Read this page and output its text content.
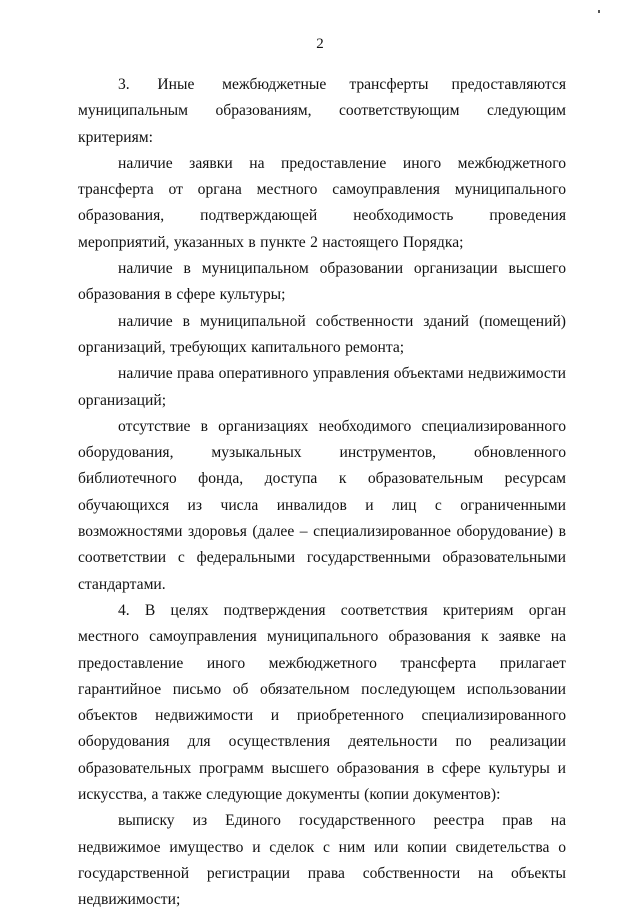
2

3.      Иные      межбюджетные     трансферты     предоставляются муниципальным образованиям, соответствующим следующим критериям:

наличие заявки на предоставление иного межбюджетного трансферта от органа местного самоуправления муниципального образования, подтверждающей необходимость проведения мероприятий, указанных в пункте 2 настоящего Порядка;

наличие в муниципальном образовании организации высшего образования в сфере культуры;

наличие в муниципальной собственности зданий (помещений) организаций, требующих капитального ремонта;

наличие права оперативного управления объектами недвижимости организаций;

отсутствие в организациях необходимого специализированного оборудования, музыкальных инструментов, обновленного библиотечного фонда, доступа к образовательным ресурсам обучающихся из числа инвалидов и лиц с ограниченными возможностями здоровья (далее – специализированное оборудование) в соответствии с федеральными государственными образовательными стандартами.

4. В целях подтверждения соответствия критериям орган местного самоуправления муниципального образования к заявке на предоставление иного межбюджетного трансферта прилагает гарантийное письмо об обязательном последующем использовании объектов недвижимости и приобретенного специализированного оборудования для осуществления деятельности по реализации образовательных программ высшего образования в сфере культуры и искусства, а также следующие документы (копии документов):

выписку из Единого государственного реестра прав на недвижимое имущество и сделок с ним или копии свидетельства о государственной регистрации права собственности на объекты недвижимости;
